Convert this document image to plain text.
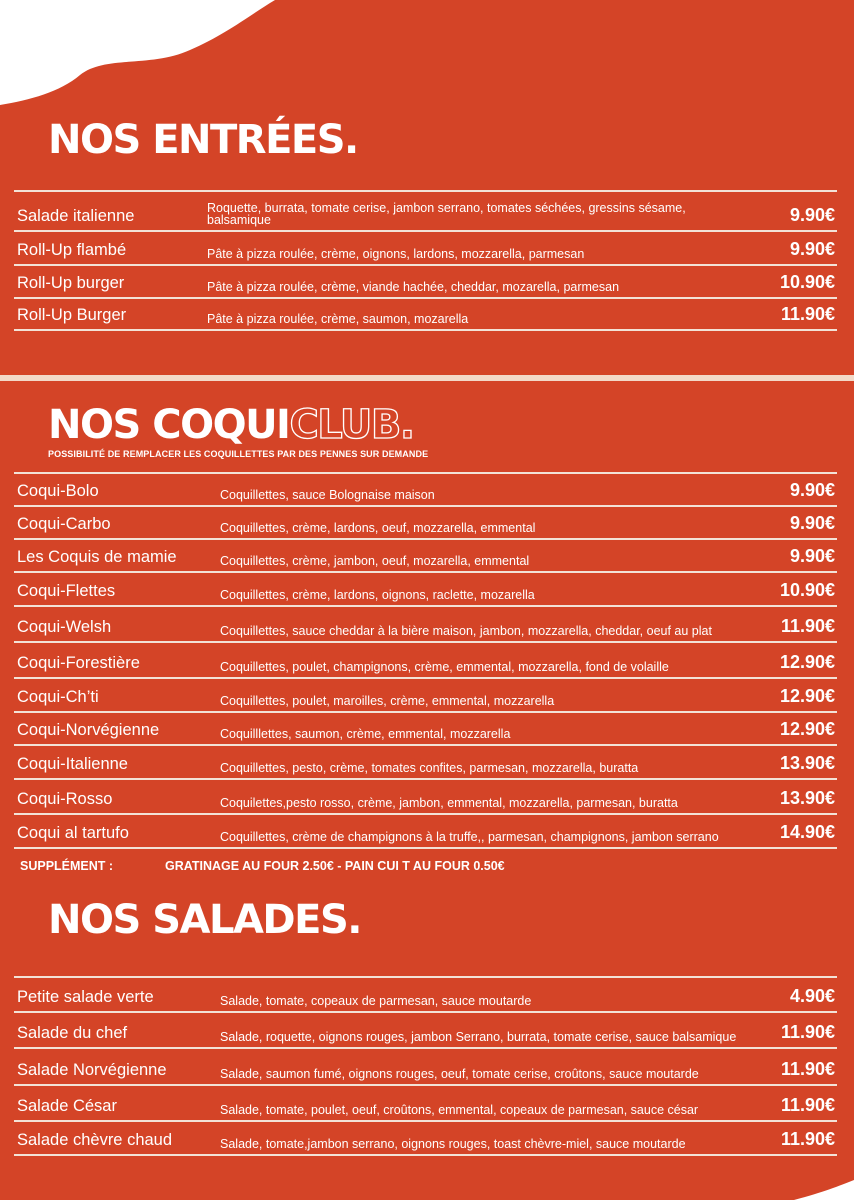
NOS ENTRÉES.
Salade italienne	Roquette, burrata, tomate cerise, jambon serrano, tomates séchées, gressins sésame, balsamique	9.90€
Roll-Up flambé	Pâte à pizza roulée, crème, oignons, lardons, mozzarella, parmesan	9.90€
Roll-Up burger	Pâte à pizza roulée, crème, viande hachée, cheddar, mozarella, parmesan	10.90€
Roll-Up Burger	Pâte à pizza roulée, crème, saumon, mozarella	11.90€
NOS COQUICLUB.
POSSIBILITÉ DE REMPLACER LES COQUILLETTES PAR DES PENNES SUR DEMANDE
Coqui-Bolo	Coquillettes, sauce Bolognaise maison	9.90€
Coqui-Carbo	Coquillettes, crème, lardons, oeuf, mozzarella, emmental	9.90€
Les Coquis de mamie	Coquillettes, crème, jambon, oeuf, mozarella, emmental	9.90€
Coqui-Flettes	Coquillettes, crème, lardons, oignons, raclette, mozarella	10.90€
Coqui-Welsh	Coquillettes, sauce cheddar à la bière maison, jambon, mozzarella, cheddar, oeuf au plat	11.90€
Coqui-Forestière	Coquillettes, poulet, champignons, crème, emmental, mozzarella, fond de volaille	12.90€
Coqui-Ch’ti	Coquillettes, poulet, maroilles, crème, emmental, mozzarella	12.90€
Coqui-Norvégienne	Coquilllettes, saumon, crème, emmental, mozzarella	12.90€
Coqui-Italienne	Coquillettes, pesto, crème, tomates confites, parmesan, mozzarella, buratta	13.90€
Coqui-Rosso	Coquilettes,pesto rosso, crème, jambon, emmental, mozzarella, parmesan, buratta	13.90€
Coqui al tartufo	Coquillettes, crème de champignons à la truffe,, parmesan, champignons, jambon serrano	14.90€
SUPPLÉMENT :	GRATINAGE AU FOUR 2.50€ - PAIN CUI T AU FOUR 0.50€
NOS SALADES.
Petite salade verte	Salade, tomate, copeaux de parmesan, sauce moutarde	4.90€
Salade du chef	Salade, roquette, oignons rouges, jambon Serrano, burrata, tomate cerise, sauce balsamique 11.90€
Salade Norvégienne	Salade, saumon fumé, oignons rouges, oeuf, tomate cerise, croûtons, sauce moutarde	11.90€
Salade César	Salade, tomate, poulet, oeuf, croûtons, emmental, copeaux de parmesan, sauce césar	11.90€
Salade chèvre chaud	Salade, tomate,jambon serrano, oignons rouges, toast chèvre-miel, sauce moutarde	11.90€
